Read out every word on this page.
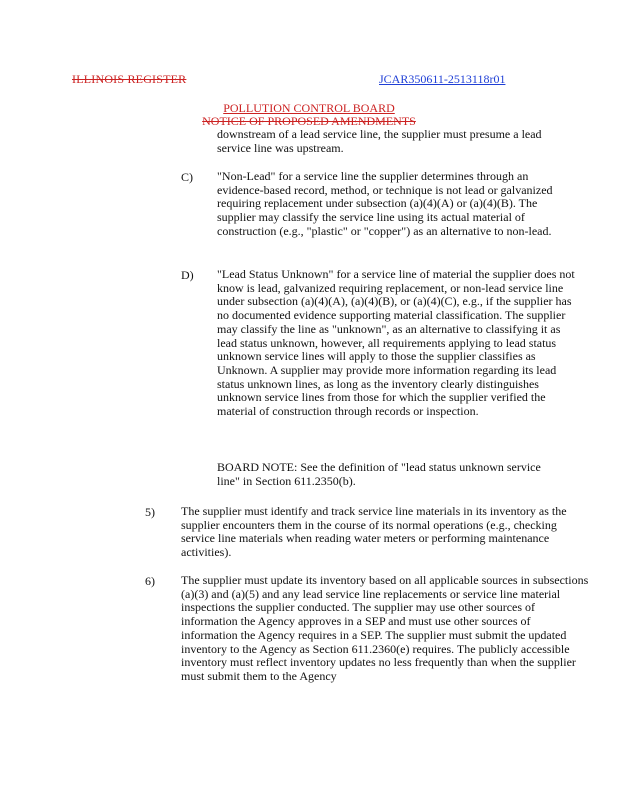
ILLINOIS REGISTER	JCAR350611-2513118r01
POLLUTION CONTROL BOARD
NOTICE OF PROPOSED AMENDMENTS
downstream of a lead service line, the supplier must presume a lead service line was upstream.
C) "Non-Lead" for a service line the supplier determines through an evidence-based record, method, or technique is not lead or galvanized requiring replacement under subsection (a)(4)(A) or (a)(4)(B). The supplier may classify the service line using its actual material of construction (e.g., "plastic" or "copper") as an alternative to non-lead.
D) "Lead Status Unknown" for a service line of material the supplier does not know is lead, galvanized requiring replacement, or non-lead service line under subsection (a)(4)(A), (a)(4)(B), or (a)(4)(C), e.g., if the supplier has no documented evidence supporting material classification. The supplier may classify the line as "unknown", as an alternative to classifying it as lead status unknown, however, all requirements applying to lead status unknown service lines will apply to those the supplier classifies as Unknown. A supplier may provide more information regarding its lead status unknown lines, as long as the inventory clearly distinguishes unknown service lines from those for which the supplier verified the material of construction through records or inspection.
BOARD NOTE: See the definition of "lead status unknown service line" in Section 611.2350(b).
5) The supplier must identify and track service line materials in its inventory as the supplier encounters them in the course of its normal operations (e.g., checking service line materials when reading water meters or performing maintenance activities).
6) The supplier must update its inventory based on all applicable sources in subsections (a)(3) and (a)(5) and any lead service line replacements or service line material inspections the supplier conducted. The supplier may use other sources of information the Agency approves in a SEP and must use other sources of information the Agency requires in a SEP. The supplier must submit the updated inventory to the Agency as Section 611.2360(e) requires. The publicly accessible inventory must reflect inventory updates no less frequently than when the supplier must submit them to the Agency
